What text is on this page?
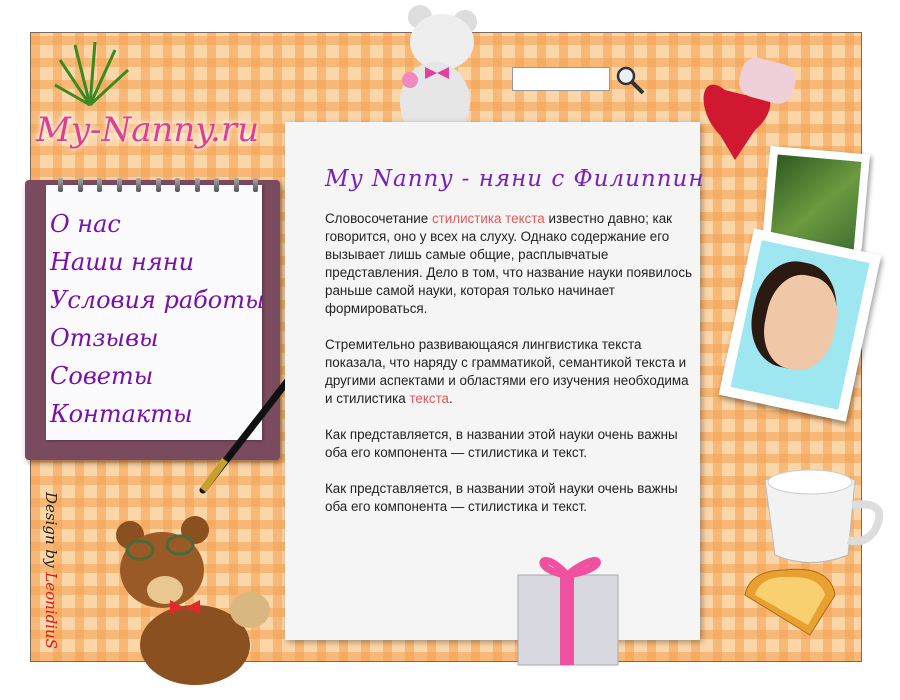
My-Nanny.ru
О нас
Наши няни
Условия работы
Отзывы
Советы
Контакты
Design by LeonidiuS
My Nanny - няни с Филиппин

Словосочетание стилистика текста известно давно; как говорится, оно у всех на слуху. Однако содержание его вызывает лишь самые общие, расплывчатые представления. Дело в том, что название науки появилось раньше самой науки, которая только начинает формироваться.

Стремительно развивающаяся лингвистика текста показала, что наряду с грамматикой, семантикой текста и другими аспектами и областями его изучения необходима и стилистика текста.

Как представляется, в названии этой науки очень важны оба его компонента — стилистика и текст.

Как представляется, в названии этой науки очень важны оба его компонента — стилистика и текст.
